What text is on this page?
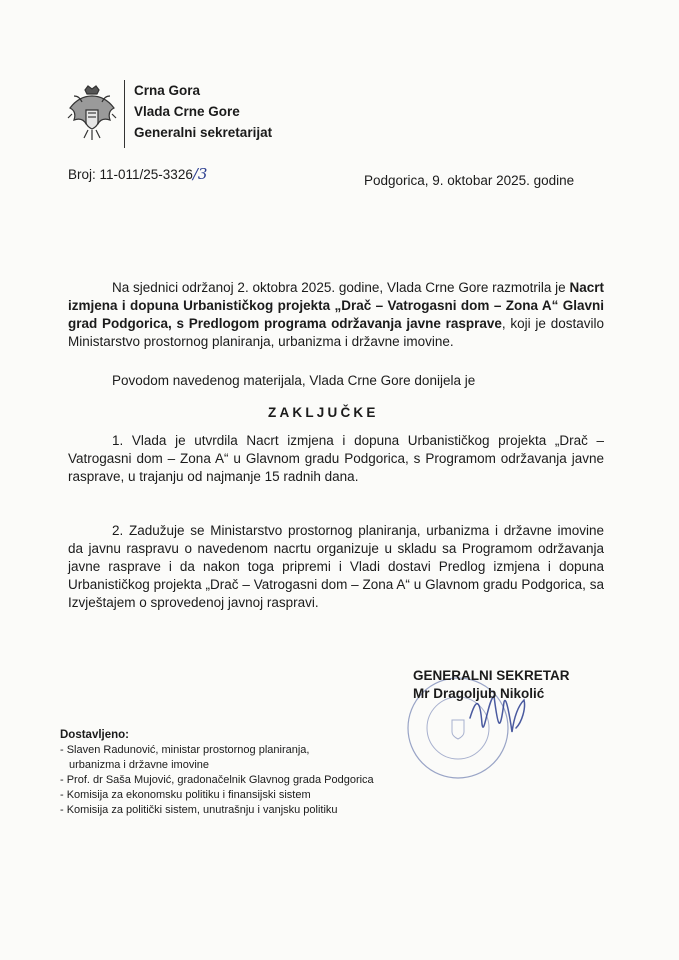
Crna Gora
Vlada Crne Gore
Generalni sekretarijat
Broj: 11-011/25-3326/3	Podgorica, 9. oktobar 2025. godine
Na sjednici održanoj 2. oktobra 2025. godine, Vlada Crne Gore razmotrila je Nacrt izmjena i dopuna Urbanističkog projekta „Drač – Vatrogasni dom – Zona A“ Glavni grad Podgorica, s Predlogom programa održavanja javne rasprave, koji je dostavilo Ministarstvo prostornog planiranja, urbanizma i državne imovine.
Povodom navedenog materijala, Vlada Crne Gore donijela je
ZAKLJUČKE
1. Vlada je utvrdila Nacrt izmjena i dopuna Urbanističkog projekta „Drač – Vatrogasni dom – Zona A“ u Glavnom gradu Podgorica, s Programom održavanja javne rasprave, u trajanju od najmanje 15 radnih dana.
2. Zadužuje se Ministarstvo prostornog planiranja, urbanizma i državne imovine da javnu raspravu o navedenom nacrtu organizuje u skladu sa Programom održavanja javne rasprave i da nakon toga pripremi i Vladi dostavi Predlog izmjena i dopuna Urbanističkog projekta „Drač – Vatrogasni dom – Zona A“ u Glavnom gradu Podgorica, sa Izvještajem o sprovedenoj javnoj raspravi.
GENERALNI SEKRETAR
Mr Dragoljub Nikolić
Dostavljeno:
- Slaven Radunović, ministar prostornog planiranja,
urbanizma i državne imovine
- Prof. dr Saša Mujović, gradonačelnik Glavnog grada Podgorica
- Komisija za ekonomsku politiku i finansijski sistem
- Komisija za politički sistem, unutrašnju i vanjsku politiku
